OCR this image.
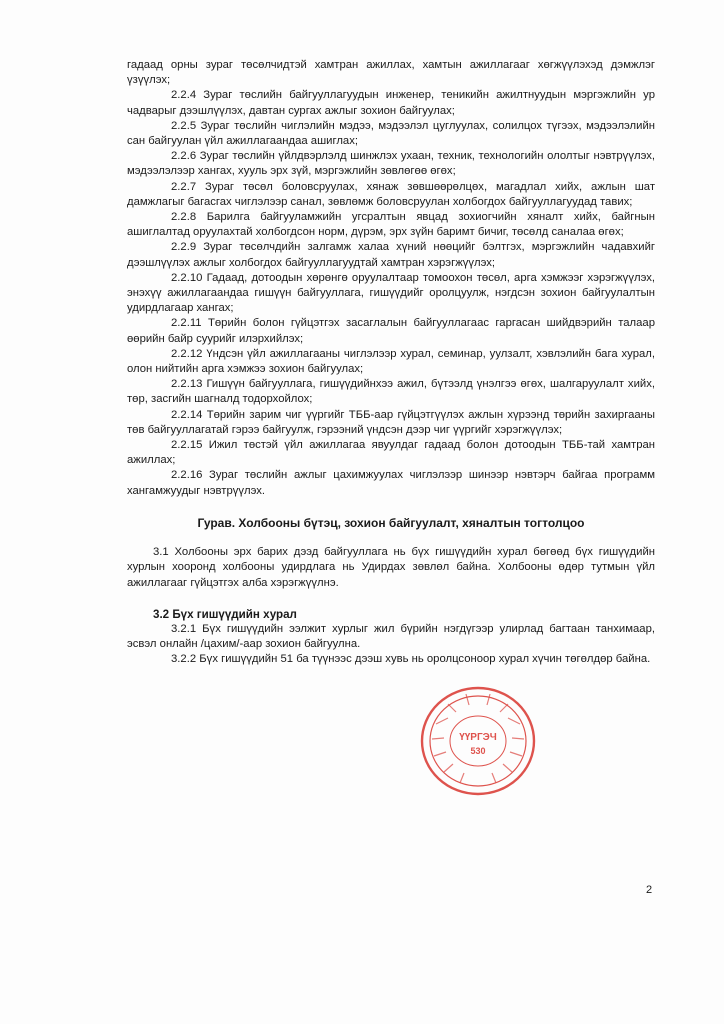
гадаад орны зураг төсөлчидтэй хамтран ажиллах, хамтын ажиллагааг хөгжүүлэхэд дэмжлэг үзүүлэх;

2.2.4 Зураг төслийн байгууллагуудын инженер, теникийн ажилтнуудын мэргэжлийн ур чадварыг дээшлүүлэх, давтан сургах ажлыг зохион байгуулах;

2.2.5 Зураг төслийн чиглэлийн мэдээ, мэдээлэл цуглуулах, солилцох түгээх, мэдээлэлийн сан байгуулан үйл ажиллагаандаа ашиглах;

2.2.6 Зураг төслийн үйлдвэрлэлд шинжлэх ухаан, техник, технологийн ололтыг нэвтрүүлэх, мэдээлэлээр хангах, хууль эрх зүй, мэргэжлийн зөвлөгөө өгөх;

2.2.7 Зураг төсөл боловсруулах, хянаж зөвшөөрөлцөх, магадлал хийх, ажлын шат дамжлагыг багасгах чиглэлээр санал, зөвлөмж боловсруулан холбогдох байгууллагуудад тавих;

2.2.8 Барилга байгууламжийн угсралтын явцад зохиогчийн хяналт хийх, байгнын ашиглалтад оруулахтай холбогдсон норм, дүрэм, эрх зүйн баримт бичиг, төсөлд саналаа өгөх;

2.2.9 Зураг төсөлчдийн залгамж халаа хүний нөөцийг бэлтгэх, мэргэжлийн чадавхийг дээшлүүлэх ажлыг холбогдох байгууллагуудтай хамтран хэрэгжүүлэх;

2.2.10 Гадаад, дотоодын хөрөнгө оруулалтаар томоохон төсөл, арга хэмжээг хэрэгжүүлэх, энэхүү ажиллагаандаа гишүүн байгууллага, гишүүдийг оролцуулж, нэгдсэн зохион байгуулалтын удирдлагаар хангах;

2.2.11 Төрийн болон гүйцэтгэх засаглалын байгууллагаас гаргасан шийдвэрийн талаар өөрийн байр суурийг илэрхийлэх;

2.2.12 Үндсэн үйл ажиллагааны чиглэлээр хурал, семинар, уулзалт, хэвлэлийн бага хурал, олон нийтийн арга хэмжээ зохион байгуулах;

2.2.13 Гишүүн байгууллага, гишүүдийнхээ ажил, бүтээлд үнэлгээ өгөх, шалгаруулалт хийх, төр, засгийн шагналд тодорхойлох;

2.2.14 Төрийн зарим чиг үүргийг ТББ-аар гүйцэтгүүлэх ажлын хүрээнд төрийн захиргааны төв байгууллагатай гэрээ байгуулж, гэрээний үндсэн дээр чиг үүргийг хэрэгжүүлэх;

2.2.15 Ижил төстэй үйл ажиллагаа явуулдаг гадаад болон дотоодын ТББ-тай хамтран ажиллах;

2.2.16 Зураг төслийн ажлыг цахимжуулах чиглэлээр шинээр нэвтэрч байгаа программ хангамжуудыг нэвтрүүлэх.

Гурав. Холбооны бүтэц, зохион байгуулалт, хяналтын тогтолцоо

3.1 Холбооны эрх барих дээд байгууллага нь бүх гишүүдийн хурал бөгөөд бүх гишүүдийн хурлын хооронд холбооны удирдлага нь Удирдах зөвлөл байна. Холбооны өдөр тутмын үйл ажиллагааг гүйцэтгэх алба хэрэгжүүлнэ.

3.2 Бүх гишүүдийн хурал

3.2.1 Бүх гишүүдийн ээлжит хурлыг жил бүрийн нэгдүгээр улирлад багтаан танхимаар, эсвэл онлайн /цахим/-аар зохион байгуулна.

3.2.2 Бүх гишүүдийн 51 ба түүнээс дээш хувь нь оролцсоноор хурал хүчин төгөлдөр байна.

ҮҮРГЭЧ
530
2
